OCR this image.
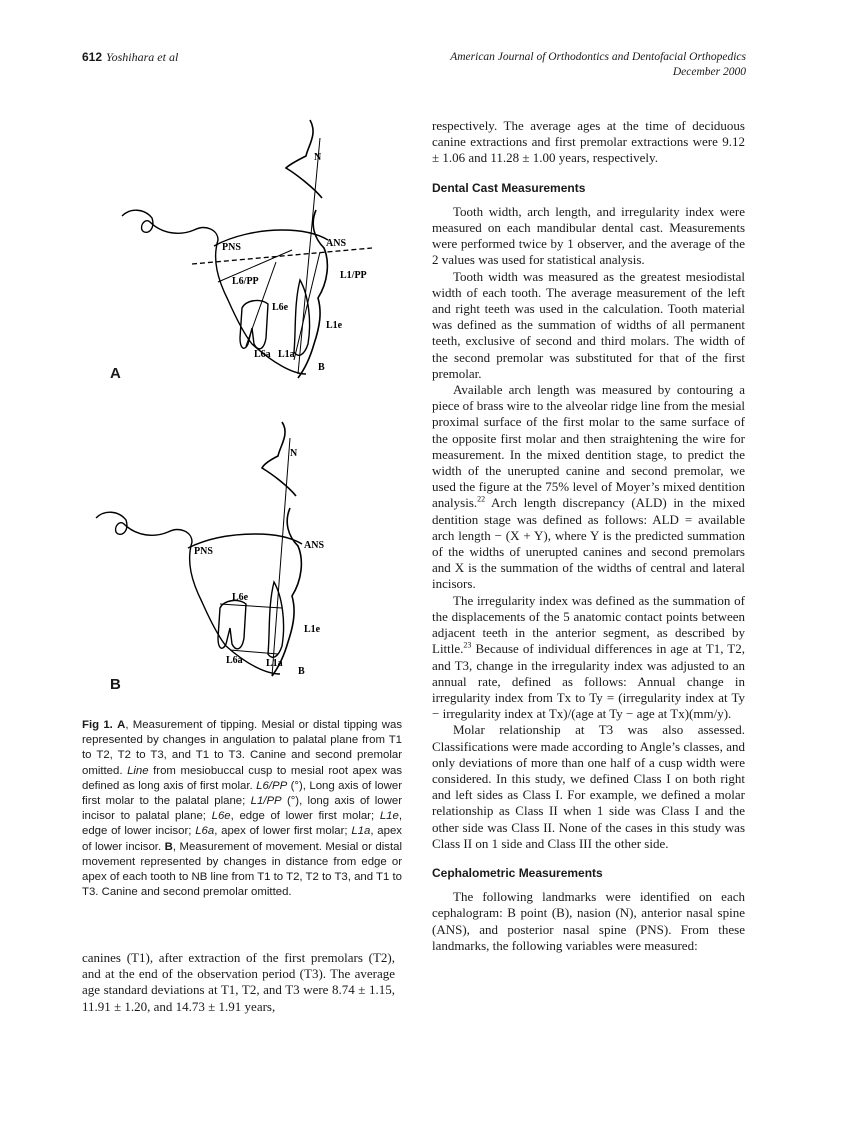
612 Yoshihara et al	American Journal of Orthodontics and Dentofacial Orthopedics
December 2000
N
PNS	ANS
L6/PP
L1/PP
L6e
L1e
L6a L1a
B
A
N
PNS
ANS
L6e
L1e
L6a L1a
B
B
Fig 1. A, Measurement of tipping. Mesial or distal tipping was represented by changes in angulation to palatal plane from T1 to T2, T2 to T3, and T1 to T3. Canine and second premolar omitted. Line from mesiobuccal cusp to mesial root apex was defined as long axis of first molar. L6/PP (°), Long axis of lower first molar to the palatal plane; L1/PP (°), long axis of lower incisor to palatal plane; L6e, edge of lower first molar; L1e, edge of lower incisor; L6a, apex of lower first molar; L1a, apex of lower incisor. B, Measurement of movement. Mesial or distal movement represented by changes in distance from edge or apex of each tooth to NB line from T1 to T2, T2 to T3, and T1 to T3. Canine and second premolar omitted.

canines (T1), after extraction of the first premolars (T2), and at the end of the observation period (T3). The average age standard deviations at T1, T2, and T3 were 8.74 ± 1.15, 11.91 ± 1.20, and 14.73 ± 1.91 years,

respectively. The average ages at the time of deciduous canine extractions and first premolar extractions were 9.12 ± 1.06 and 11.28 ± 1.00 years, respectively.

Dental Cast Measurements

Tooth width, arch length, and irregularity index were measured on each mandibular dental cast. Measurements were performed twice by 1 observer, and the average of the 2 values was used for statistical analysis.

Tooth width was measured as the greatest mesiodistal width of each tooth. The average measurement of the left and right teeth was used in the calculation. Tooth material was defined as the summation of widths of all permanent teeth, exclusive of second and third molars. The width of the second premolar was substituted for that of the first premolar.

Available arch length was measured by contouring a piece of brass wire to the alveolar ridge line from the mesial proximal surface of the first molar to the same surface of the opposite first molar and then straightening the wire for measurement. In the mixed dentition stage, to predict the width of the unerupted canine and second premolar, we used the figure at the 75% level of Moyer’s mixed dentition analysis.$^{22}$ Arch length discrepancy (ALD) in the mixed dentition stage was defined as follows: ALD = available arch length − (X + Y), where Y is the predicted summation of the widths of unerupted canines and second premolars and X is the summation of the widths of central and lateral incisors.

The irregularity index was defined as the summation of the displacements of the 5 anatomic contact points between adjacent teeth in the anterior segment, as described by Little.$^{23}$ Because of individual differences in age at T1, T2, and T3, change in the irregularity index was adjusted to an annual rate, defined as follows: Annual change in irregularity index from Tx to Ty = (irregularity index at Ty − irregularity index at Tx)/(age at Ty − age at Tx)(mm/y).

Molar relationship at T3 was also assessed. Classifications were made according to Angle’s classes, and only deviations of more than one half of a cusp width were considered. In this study, we defined Class I on both right and left sides as Class I. For example, we defined a molar relationship as Class II when 1 side was Class I and the other side was Class II. None of the cases in this study was Class II on 1 side and Class III the other side.

Cephalometric Measurements

The following landmarks were identified on each cephalogram: B point (B), nasion (N), anterior nasal spine (ANS), and posterior nasal spine (PNS). From these landmarks, the following variables were measured:
